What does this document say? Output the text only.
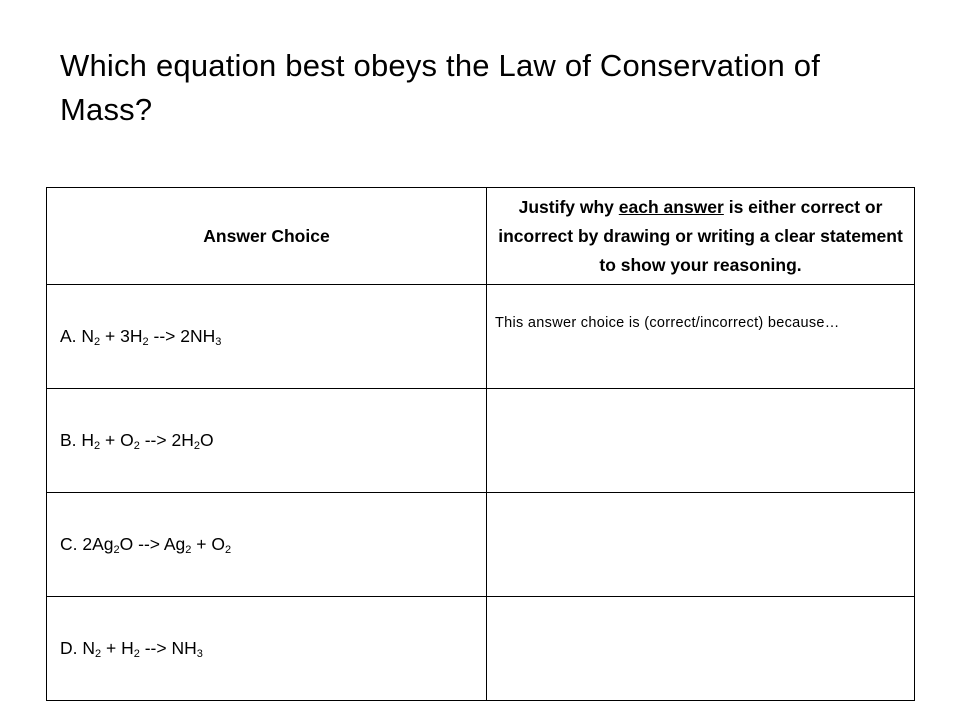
Which equation best obeys the Law of Conservation of Mass?
Answer Choice	Justify why each answer is either correct or incorrect by drawing or writing a clear statement to show your reasoning.
A. $N_2 + 3H_2$ --> $2NH_3$	This answer choice is (correct/incorrect) because…
B. $H_2 + O_2$ --> $2H_2O$	
C. $2Ag_2O$ --> $Ag_2 + O_2$	
D. $N_2 + H_2$ --> $NH_3$	
